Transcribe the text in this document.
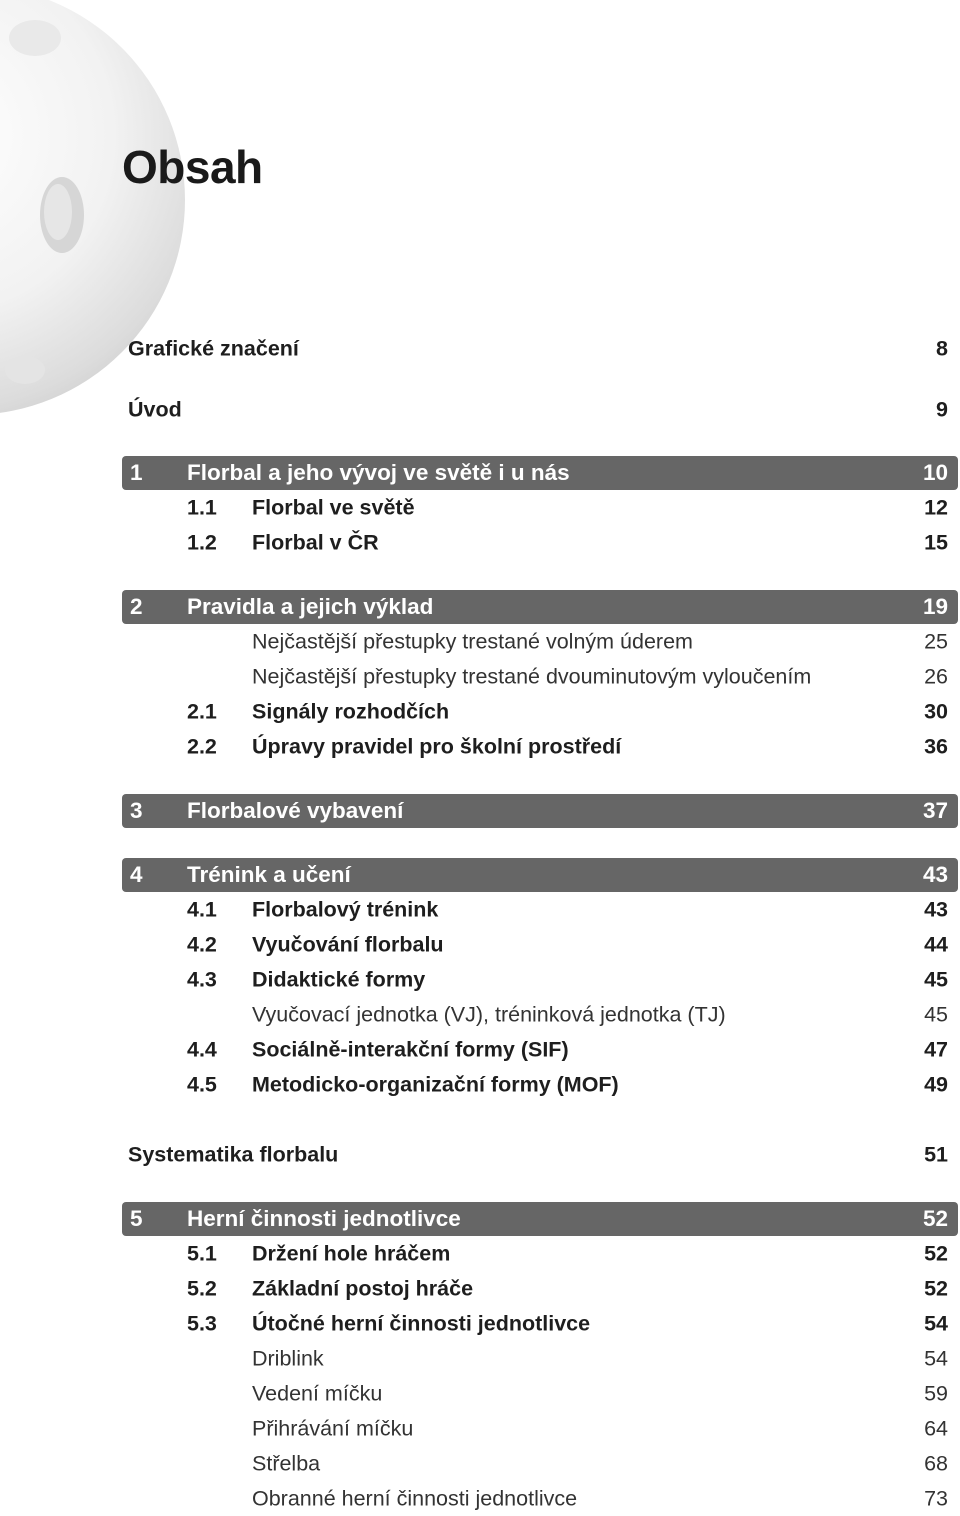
Obsah
Grafické značení	8
Úvod	9
1 Florbal a jeho vývoj ve světě i u nás	10
1.1 Florbal ve světě	12
1.2 Florbal v ČR	15
2 Pravidla a jejich výklad	19
Nejčastější přestupky trestané volným úderem	25
Nejčastější přestupky trestané dvouminutovým vyloučením	26
2.1 Signály rozhodčích	30
2.2 Úpravy pravidel pro školní prostředí	36
3 Florbalové vybavení	37
4 Trénink a učení	43
4.1 Florbalový trénink	43
4.2 Vyučování florbalu	44
4.3 Didaktické formy	45
Vyučovací jednotka (VJ), tréninková jednotka (TJ)	45
4.4 Sociálně-interakční formy (SIF)	47
4.5 Metodicko-organizační formy (MOF)	49
Systematika florbalu	51
5 Herní činnosti jednotlivce	52
5.1 Držení hole hráčem	52
5.2 Základní postoj hráče	52
5.3 Útočné herní činnosti jednotlivce	54
Driblink	54
Vedení míčku	59
Přihrávání míčku	64
Střelba	68
Obranné herní činnosti jednotlivce	73
